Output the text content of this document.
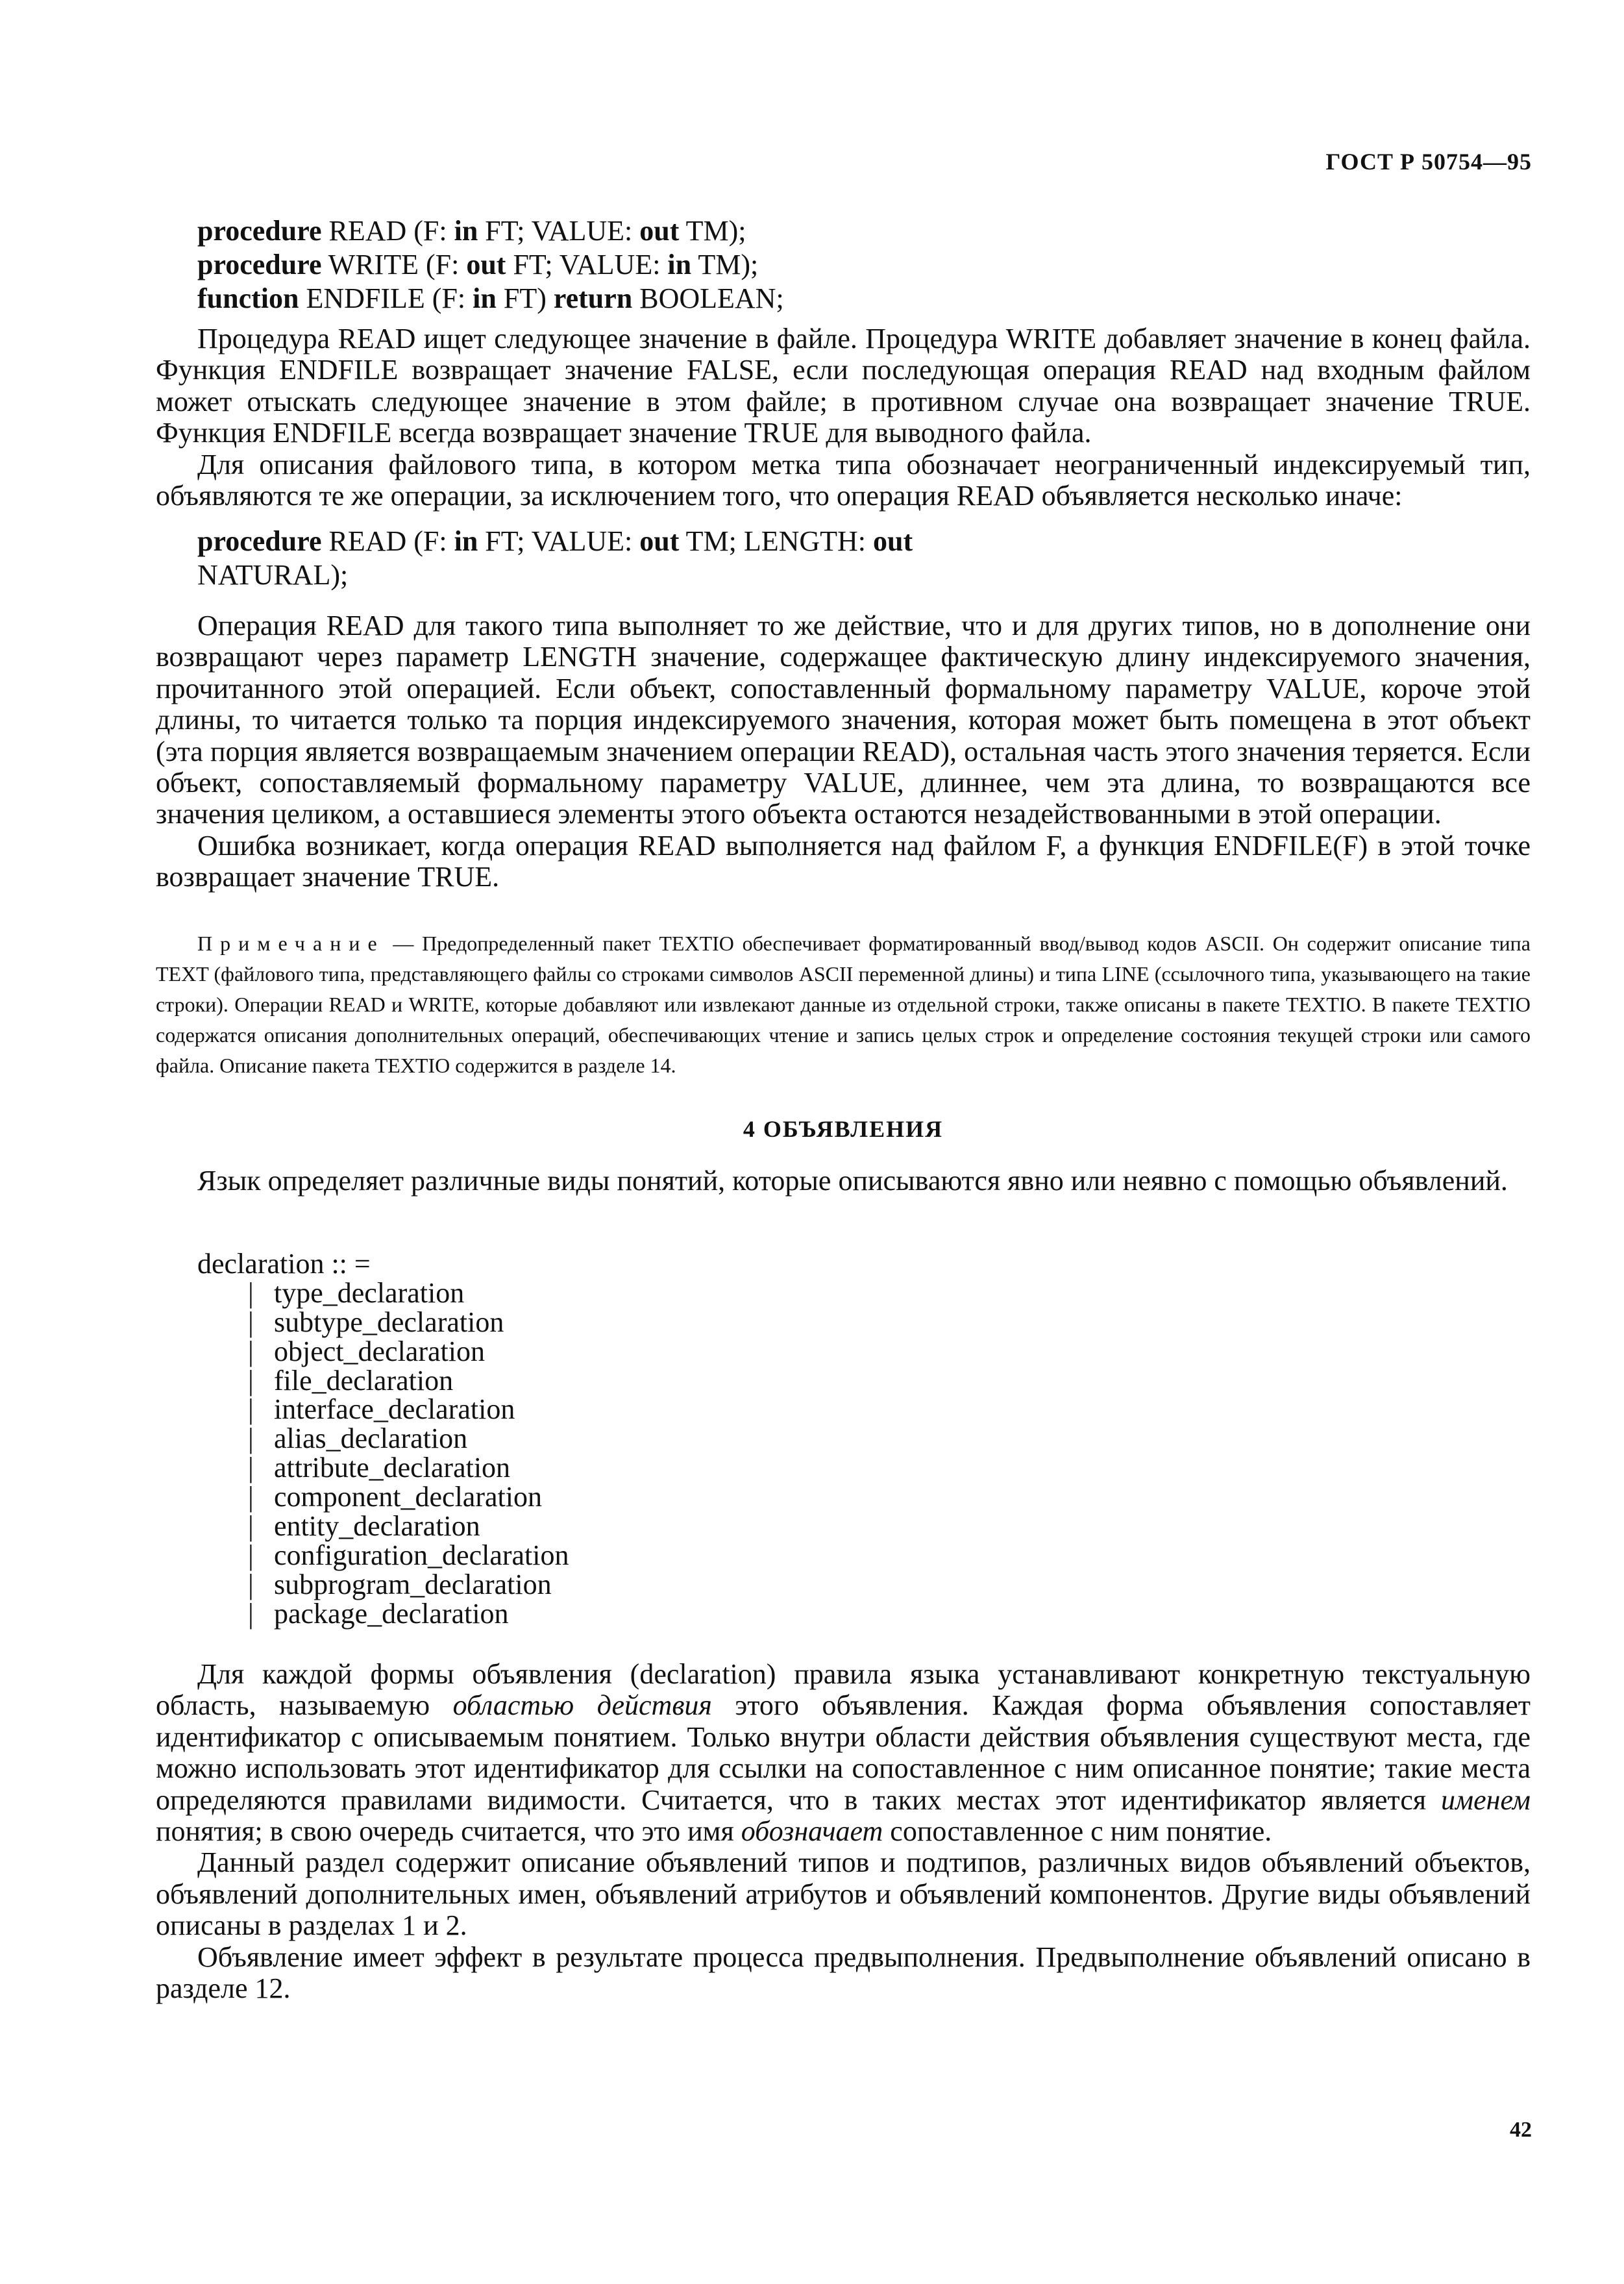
ГОСТ Р 50754—95
procedure READ (F: in FT; VALUE: out TM);
procedure WRITE (F: out FT; VALUE: in TM);
function ENDFILE (F: in FT) return BOOLEAN;

Процедура READ ищет следующее значение в файле. Процедура WRITE добавляет значение в конец файла. Функция ENDFILE возвращает значение FALSE, если последующая операция READ над входным файлом может отыскать следующее значение в этом файле; в противном случае она возвращает значение TRUE. Функция ENDFILE всегда возвращает значение TRUE для выводного файла.

Для описания файлового типа, в котором метка типа обозначает неограниченный индексируемый тип, объявляются те же операции, за исключением того, что операция READ объявляется несколько иначе:

procedure READ (F: in FT; VALUE: out TM; LENGTH: out
NATURAL);

Операция READ для такого типа выполняет то же действие, что и для других типов, но в дополнение они возвращают через параметр LENGTH значение, содержащее фактическую длину индексируемого значения, прочитанного этой операцией. Если объект, сопоставленный формальному параметру VALUE, короче этой длины, то читается только та порция индексируемого значения, которая может быть помещена в этот объект (эта порция является возвращаемым значением операции READ), остальная часть этого значения теряется. Если объект, сопоставляемый формальному параметру VALUE, длиннее, чем эта длина, то возвращаются все значения целиком, а оставшиеся элементы этого объекта остаются незадействованными в этой операции.

Ошибка возникает, когда операция READ выполняется над файлом F, а функция ENDFILE(F) в этой точке возвращает значение TRUE.

Примечание — Предопределенный пакет TEXTIO обеспечивает форматированный ввод/вывод кодов ASCII. Он содержит описание типа TEXT (файлового типа, представляющего файлы со строками символов ASCII переменной длины) и типа LINE (ссылочного типа, указывающего на такие строки). Операции READ и WRITE, которые добавляют или извлекают данные из отдельной строки, также описаны в пакете TEXTIO. В пакете TEXTIO содержатся описания дополнительных операций, обеспечивающих чтение и запись целых строк и определение состояния текущей строки или самого файла. Описание пакета TEXTIO содержится в разделе 14.

4 ОБЪЯВЛЕНИЯ

Язык определяет различные виды понятий, которые описываются явно или неявно с помощью объявлений.

declaration :: =
| type_declaration
| subtype_declaration
| object_declaration
| file_declaration
| interface_declaration
| alias_declaration
| attribute_declaration
| component_declaration
| entity_declaration
| configuration_declaration
| subprogram_declaration
| package_declaration

Для каждой формы объявления (declaration) правила языка устанавливают конкретную текстуальную область, называемую областью действия этого объявления. Каждая форма объявления сопоставляет идентификатор с описываемым понятием. Только внутри области действия объявления существуют места, где можно использовать этот идентификатор для ссылки на сопоставленное с ним описанное понятие; такие места определяются правилами видимости. Считается, что в таких местах этот идентификатор является именем понятия; в свою очередь считается, что это имя обозначает сопоставленное с ним понятие.

Данный раздел содержит описание объявлений типов и подтипов, различных видов объявлений объектов, объявлений дополнительных имен, объявлений атрибутов и объявлений компонентов. Другие виды объявлений описаны в разделах 1 и 2.

Объявление имеет эффект в результате процесса предвыполнения. Предвыполнение объявлений описано в разделе 12.

42
